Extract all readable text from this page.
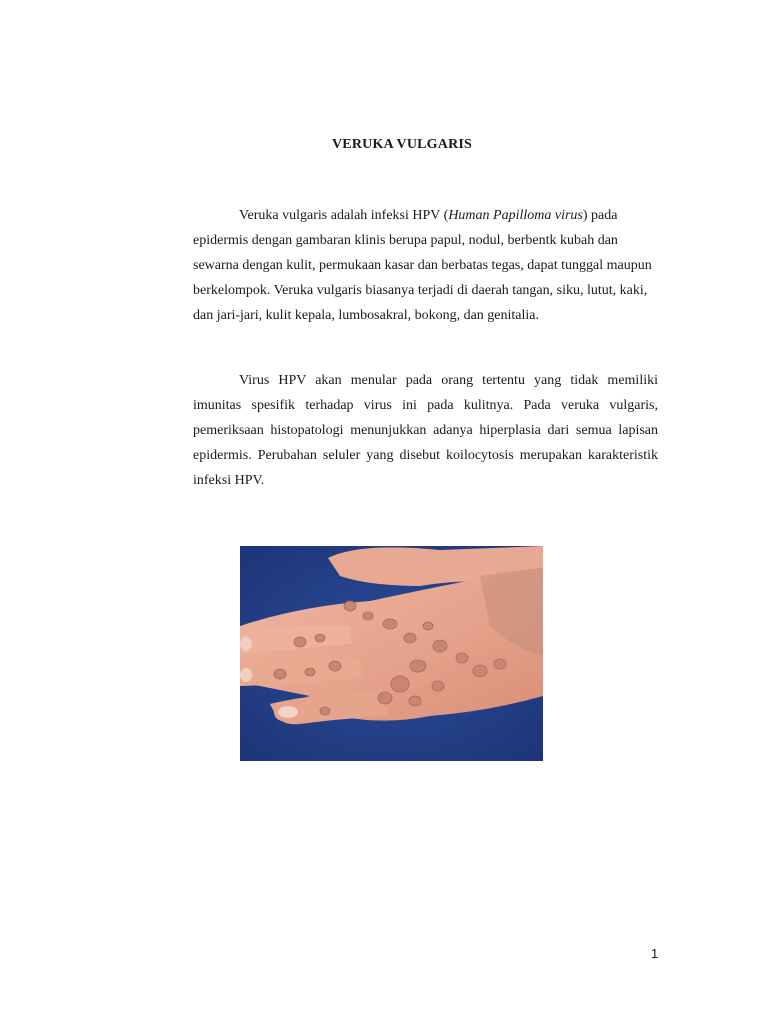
VERUKA VULGARIS

Veruka vulgaris adalah infeksi HPV (Human Papilloma virus) pada epidermis dengan gambaran klinis berupa papul, nodul, berbentk kubah dan sewarna dengan kulit, permukaan kasar dan berbatas tegas, dapat tunggal maupun berkelompok. Veruka vulgaris biasanya terjadi di daerah tangan, siku, lutut, kaki, dan jari-jari, kulit kepala, lumbosakral, bokong, dan genitalia.

Virus HPV akan menular pada orang tertentu yang tidak memiliki imunitas spesifik terhadap virus ini pada kulitnya. Pada veruka vulgaris, pemeriksaan histopatologi menunjukkan adanya hiperplasia dari semua lapisan epidermis. Perubahan seluler yang disebut koilocytosis merupakan karakteristik infeksi HPV.

1
